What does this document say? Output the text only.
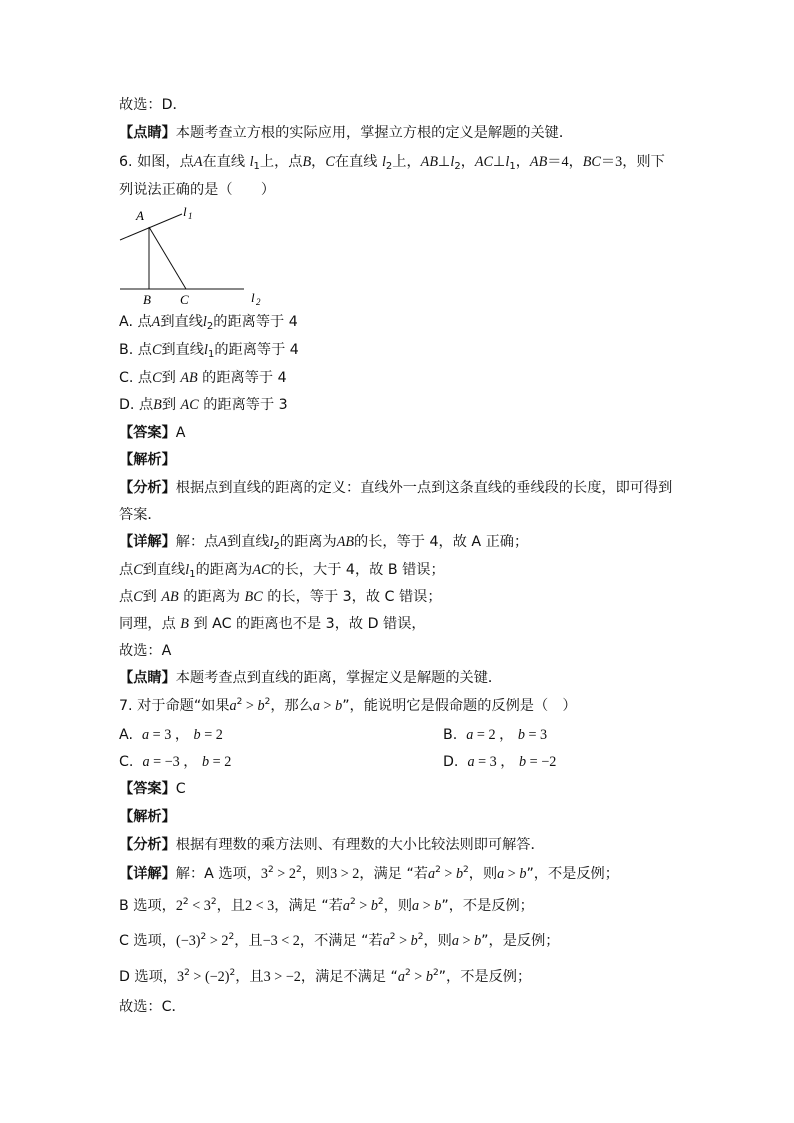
故选：D．
【点睛】本题考查立方根的实际应用，掌握立方根的定义是解题的关键．
6. 如图，点A在直线 $l_1$上，点B，C在直线 $l_2$上，$AB\perp l_2$，$AC\perp l_1$，AB＝4，BC＝3，则下
列说法正确的是（　　）
A	l 1
B C	l 2
A. 点A到直线$l_2$的距离等于 4
B. 点C到直线$l_1$的距离等于 4
C. 点C到 AB 的距离等于 4
D. 点B到 AC 的距离等于 3
【答案】A
【解析】
【分析】根据点到直线的距离的定义：直线外一点到这条直线的垂线段的长度，即可得到
答案．
【详解】解：点A到直线$l_2$的距离为AB的长，等于 4，故 A 正确；
点C到直线$l_1$的距离为AC的长，大于 4，故 B 错误；
点C到 AB 的距离为 BC 的长，等于 3，故 C 错误；
同理，点 B 到 AC 的距离也不是 3，故 D 错误，
故选：A
【点睛】本题考查点到直线的距离，掌握定义是解题的关键．
7. 对于命题“如果$a^2 > b^2$，那么a > b”，能说明它是假命题的反例是（　）
A. a = 3 ， b = 2	B. a = 2 ， b = 3
C. a = −3 ， b = 2	D. a = 3 ， b = −2
【答案】C
【解析】
【分析】根据有理数的乘方法则、有理数的大小比较法则即可解答．
【详解】解：A 选项，$3^2 > 2^2$，则3 > 2，满足 “若$a^2 > b^2$，则a > b”，不是反例；
B 选项，$2^2 < 3^2$，且2 < 3，满足 “若$a^2 > b^2$，则a > b”，不是反例；
C 选项，$(-3)^2 > 2^2$，且−3 < 2，不满足 “若$a^2 > b^2$，则a > b”，是反例；
D 选项，$3^2 > (-2)^2$，且3 > −2，满足不满足 “$a^2 > b^2$”，不是反例；
故选：C．
